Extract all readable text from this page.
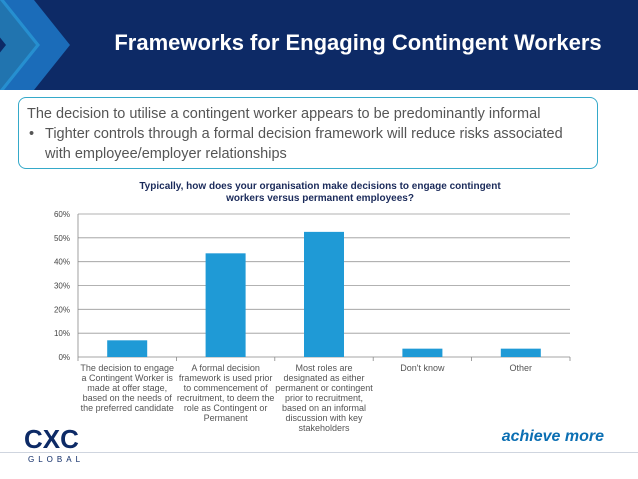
Frameworks for Engaging Contingent Workers
The decision to utilise a contingent worker appears to be predominantly informal
• Tighter controls through a formal decision framework will reduce risks associated with employee/employer relationships
Typically, how does your organisation make decisions to engage contingent
workers versus permanent employees?
0%
10%
20%
30%
40%
50%
60%
The decision to engage a Contingent Worker is made at offer stage, based on the needs of the preferred candidate
A formal decision framework is used prior to commencement of recruitment, to deem the role as Contingent or Permanent
Most roles are designated as either permanent or contingent prior to recruitment, based on an informal discussion with key stakeholders
Don't know	Other
CXC
GLOBAL
achieve more
